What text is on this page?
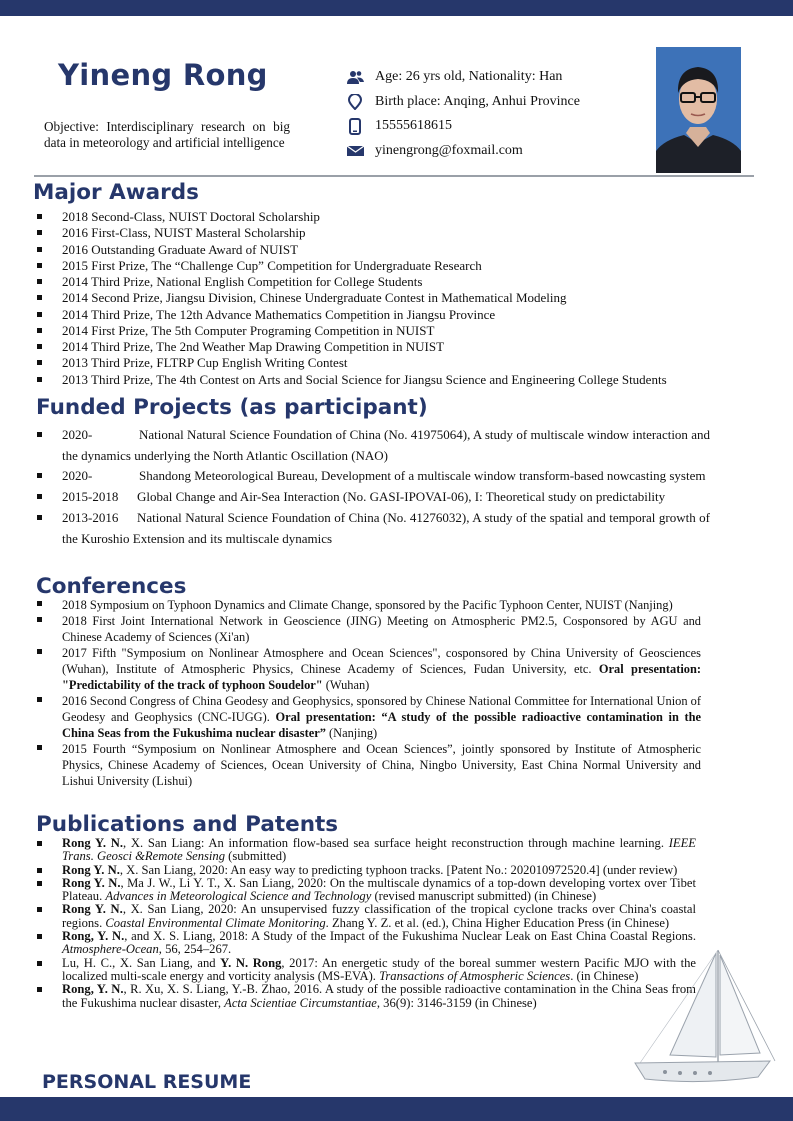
Yineng Rong
Objective: Interdisciplinary research on big data in meteorology and artificial intelligence
Age: 26 yrs old, Nationality: Han
Birth place: Anqing, Anhui Province
15555618615
yinengrong@foxmail.com
Major Awards
2018 Second-Class, NUIST Doctoral Scholarship
2016 First-Class, NUIST Masteral Scholarship
2016 Outstanding Graduate Award of NUIST
2015 First Prize, The “Challenge Cup” Competition for Undergraduate Research
2014 Third Prize, National English Competition for College Students
2014 Second Prize, Jiangsu Division, Chinese Undergraduate Contest in Mathematical Modeling
2014 Third Prize, The 12th Advance Mathematics Competition in Jiangsu Province
2014 First Prize, The 5th Computer Programing Competition in NUIST
2014 Third Prize, The 2nd Weather Map Drawing Competition in NUIST
2013 Third Prize, FLTRP Cup English Writing Contest
2013 Third Prize, The 4th Contest on Arts and Social Science for Jiangsu Science and Engineering College Students
Funded Projects (as participant)
2020-	National Natural Science Foundation of China (No. 41975064), A study of multiscale window interaction and the dynamics underlying the North Atlantic Oscillation (NAO)
2020-	Shandong Meteorological Bureau, Development of a multiscale window transform-based nowcasting system
2015-2018 Global Change and Air-Sea Interaction (No. GASI-IPOVAI-06), I: Theoretical study on predictability
2013-2016 National Natural Science Foundation of China (No. 41276032), A study of the spatial and temporal growth of the Kuroshio Extension and its multiscale dynamics
Conferences
2018 Symposium on Typhoon Dynamics and Climate Change, sponsored by the Pacific Typhoon Center, NUIST (Nanjing)
2018 First Joint International Network in Geoscience (JING) Meeting on Atmospheric PM2.5, Cosponsored by AGU and Chinese Academy of Sciences (Xi'an)
2017 Fifth "Symposium on Nonlinear Atmosphere and Ocean Sciences", cosponsored by China University of Geosciences (Wuhan), Institute of Atmospheric Physics, Chinese Academy of Sciences, Fudan University, etc. Oral presentation: "Predictability of the track of typhoon Soudelor" (Wuhan)
2016 Second Congress of China Geodesy and Geophysics, sponsored by Chinese National Committee for International Union of Geodesy and Geophysics (CNC-IUGG). Oral presentation: “A study of the possible radioactive contamination in the China Seas from the Fukushima nuclear disaster” (Nanjing)
2015 Fourth “Symposium on Nonlinear Atmosphere and Ocean Sciences”, jointly sponsored by Institute of Atmospheric Physics, Chinese Academy of Sciences, Ocean University of China, Ningbo University, East China Normal University and Lishui University (Lishui)
Publications and Patents
Rong Y. N., X. San Liang: An information flow-based sea surface height reconstruction through machine learning. IEEE Trans. Geosci &Remote Sensing (submitted)
Rong Y. N., X. San Liang, 2020: An easy way to predicting typhoon tracks. [Patent No.: 202010972520.4] (under review)
Rong Y. N., Ma J. W., Li Y. T., X. San Liang, 2020: On the multiscale dynamics of a top-down developing vortex over Tibet Plateau. Advances in Meteorological Science and Technology (revised manuscript submitted) (in Chinese)
Rong Y. N., X. San Liang, 2020: An unsupervised fuzzy classification of the tropical cyclone tracks over China's coastal regions. Coastal Environmental Climate Monitoring. Zhang Y. Z. et al. (ed.), China Higher Education Press (in Chinese)
Rong, Y. N., and X. S. Liang, 2018: A Study of the Impact of the Fukushima Nuclear Leak on East China Coastal Regions. Atmosphere-Ocean, 56, 254–267.
Lu, H. C., X. San Liang, and Y. N. Rong, 2017: An energetic study of the boreal summer western Pacific MJO with the localized multi-scale energy and vorticity analysis (MS-EVA). Transactions of Atmospheric Sciences. (in Chinese)
Rong, Y. N., R. Xu, X. S. Liang, Y.-B. Zhao, 2016. A study of the possible radioactive contamination in the China Seas from the Fukushima nuclear disaster, Acta Scientiae Circumstantiae, 36(9): 3146-3159 (in Chinese)
PERSONAL RESUME
